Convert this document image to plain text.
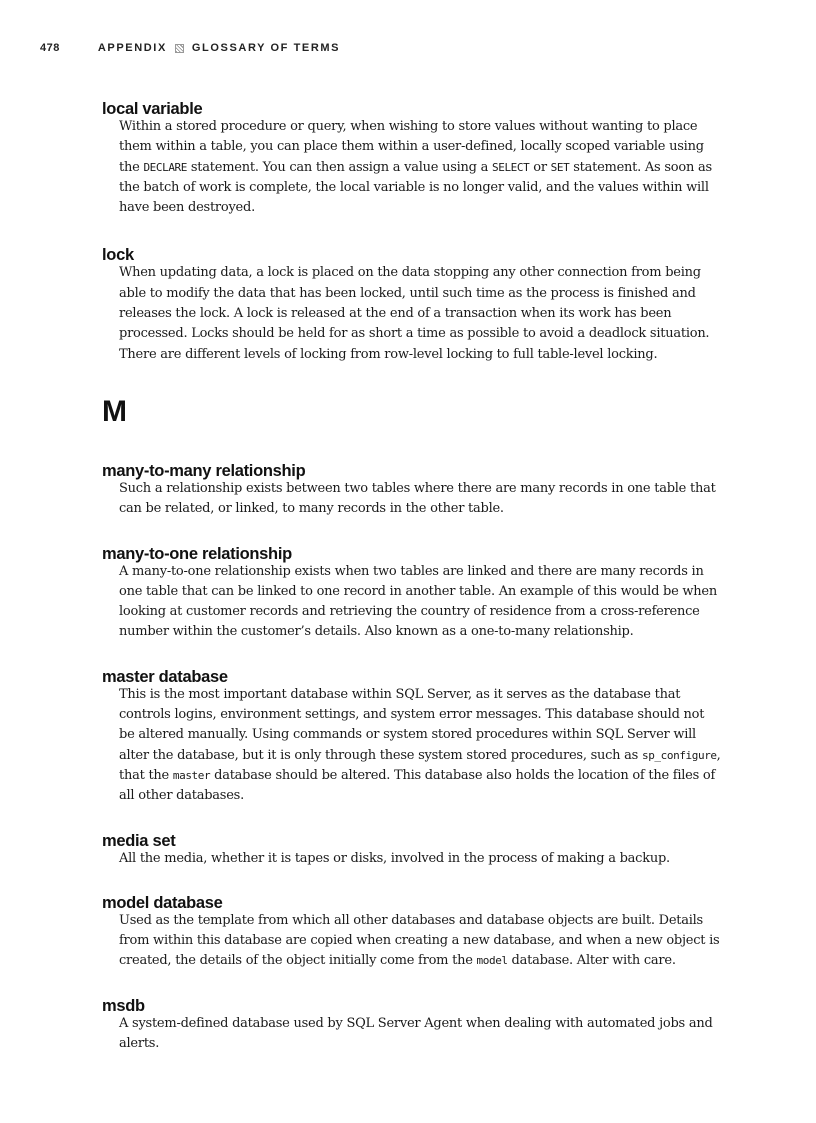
478	APPENDIX GLOSSARY OF TERMS
local variable

Within a stored procedure or query, when wishing to store values without wanting to place them within a table, you can place them within a user-defined, locally scoped variable using the DECLARE statement. You can then assign a value using a SELECT or SET statement. As soon as the batch of work is complete, the local variable is no longer valid, and the values within will have been destroyed.

lock

When updating data, a lock is placed on the data stopping any other connection from being able to modify the data that has been locked, until such time as the process is finished and releases the lock. A lock is released at the end of a transaction when its work has been processed. Locks should be held for as short a time as possible to avoid a deadlock situation. There are different levels of locking from row-level locking to full table-level locking.

M
many-to-many relationship

Such a relationship exists between two tables where there are many records in one table that can be related, or linked, to many records in the other table.

many-to-one relationship

A many-to-one relationship exists when two tables are linked and there are many records in one table that can be linked to one record in another table. An example of this would be when looking at customer records and retrieving the country of residence from a cross-reference number within the customer’s details. Also known as a one-to-many relationship.

master database

This is the most important database within SQL Server, as it serves as the database that controls logins, environment settings, and system error messages. This database should not be altered manually. Using commands or system stored procedures within SQL Server will alter the database, but it is only through these system stored procedures, such as sp_configure, that the master database should be altered. This database also holds the location of the files of all other databases.

media set

All the media, whether it is tapes or disks, involved in the process of making a backup.

model database

Used as the template from which all other databases and database objects are built. Details from within this database are copied when creating a new database, and when a new object is created, the details of the object initially come from the model database. Alter with care.

msdb

A system-defined database used by SQL Server Agent when dealing with automated jobs and alerts.
